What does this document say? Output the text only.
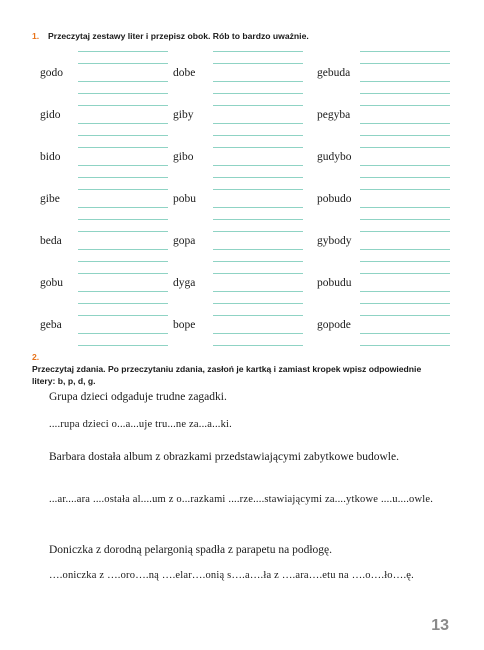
1. Przeczytaj zestawy liter i przepisz obok. Rób to bardzo uważnie.
godo	dobe	gebuda
gido	giby	pegyba
bido	gibo	gudybo
gibe	pobu	pobudo
beda	gopa	gybody
gobu	dyga	pobudu
geba	bope	gopode
2.Przeczytaj zdania. Po przeczytaniu zdania, zasłoń je kartką i zamiast kropek wpisz odpowiednie litery: b, p, d, g.
Grupa dzieci odgaduje trudne zagadki.
....rupa dzieci o...a...uje tru...ne za...a...ki.
Barbara dostała album z obrazkami przedstawiającymi zabytkowe budowle.
...ar....ara ....ostała al....um z o...razkami ....rze....stawiającymi za....ytkowe ....u....owle.
Doniczka z dorodną pelargonią spadła z parapetu na podłogę.
….oniczka z ….oro….ną ….elar….onią s….a….ła z ….ara….etu na ….o….ło….ę.
13
